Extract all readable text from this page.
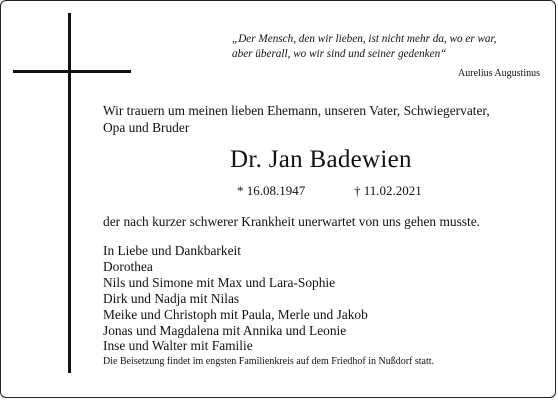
„Der Mensch, den wir lieben, ist nicht mehr da, wo er war,
aber überall, wo wir sind und seiner gedenken“
Aurelius Augustinus
Wir trauern um meinen lieben Ehemann, unseren Vater, Schwiegervater,
Opa und Bruder
Dr. Jan Badewien
* 16.08.1947	† 11.02.2021
der nach kurzer schwerer Krankheit unerwartet von uns gehen musste.
In Liebe und Dankbarkeit
Dorothea
Nils und Simone mit Max und Lara-Sophie
Dirk und Nadja mit Nilas
Meike und Christoph mit Paula, Merle und Jakob
Jonas und Magdalena mit Annika und Leonie
Inse und Walter mit Familie
Die Beisetzung findet im engsten Familienkreis auf dem Friedhof in Nußdorf statt.
